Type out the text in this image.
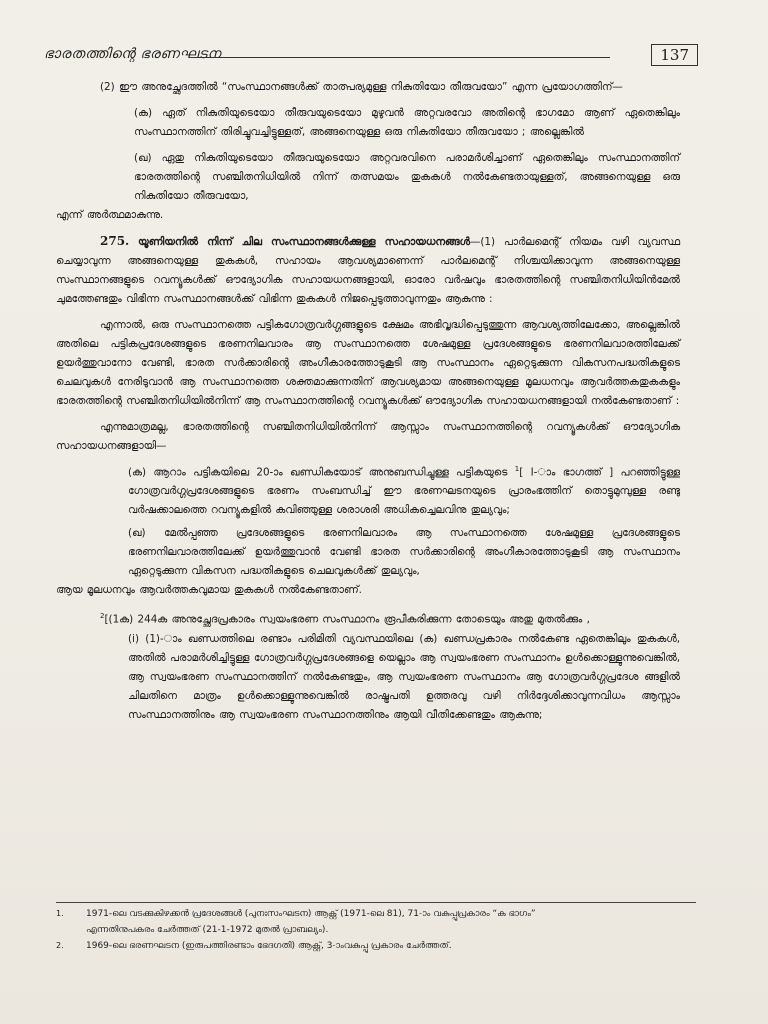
ഭാരതത്തിന്റെ ഭരണഘടന	137

(2) ഈ അനുച്ഛേദത്തിൽ “സംസ്ഥാനങ്ങൾക്ക് താത്പര്യമുള്ള നികുതിയോ തീരുവയോ” എന്ന പ്രയോഗത്തിന്—

(ക) ഏത് നികുതിയുടെയോ തീരുവയുടെയോ മുഴുവൻ അറ്റവരവോ അതിന്റെ ഭാഗമോ ആണ് ഏതെങ്കിലും സംസ്ഥാനത്തിന് തിരിച്ചുവച്ചിട്ടുള്ളത്, അങ്ങനെയുള്ള ഒരു നികുതിയോ തീരുവയോ ; അല്ലെങ്കിൽ

(ഖ) ഏതു നികുതിയുടെയോ തീരുവയുടെയോ അറ്റവരവിനെ പരാമർശിച്ചാണ് ഏതെങ്കിലും സംസ്ഥാനത്തിന് ഭാരതത്തിന്റെ സഞ്ചിതനിധിയിൽ നിന്ന് തത്സമയം തുകകൾ നൽകേണ്ടതായുള്ളത്, അങ്ങനെയുള്ള ഒരു നികുതിയോ തീരുവയോ,

എന്ന് അർത്ഥമാകുന്നു.

275. യൂണിയനിൽ നിന്ന് ചില സംസ്ഥാനങ്ങൾക്കുള്ള സഹായധനങ്ങൾ—(1) പാർലമെന്റ് നിയമം വഴി വ്യവസ്ഥ ചെയ്യാവുന്ന അങ്ങനെയുള്ള തുകകൾ, സഹായം ആവശ്യമാണെന്ന് പാർലമെന്റ് നിശ്ചയിക്കാവുന്ന അങ്ങനെയുള്ള സംസ്ഥാനങ്ങളുടെ റവന്യൂകൾക്ക് ഔദ്യോഗിക സഹായധനങ്ങളായി, ഓരോ വർഷവും ഭാരതത്തിന്റെ സഞ്ചിതനിധിയിൻമേൽ ചുമത്തേണ്ടതും വിഭിന്ന സംസ്ഥാനങ്ങൾക്ക് വിഭിന്ന തുകകൾ നിജപ്പെടുത്താവുന്നതും ആകുന്നു :

എന്നാൽ, ഒരു സംസ്ഥാനത്തെ പട്ടികഗോത്രവർഗ്ഗങ്ങളുടെ ക്ഷേമം അഭിവൃദ്ധിപ്പെടുത്തുന്ന ആവശ്യത്തിലേക്കോ, അല്ലെങ്കിൽ അതിലെ പട്ടികപ്രദേശങ്ങളുടെ ഭരണനിലവാരം ആ സംസ്ഥാനത്തെ ശേഷമുള്ള പ്രദേശങ്ങളുടെ ഭരണനിലവാരത്തിലേക്ക് ഉയർത്തുവാനോ വേണ്ടി, ഭാരത സർക്കാരിന്റെ അംഗീകാരത്തോടുകൂടി ആ സംസ്ഥാനം ഏറ്റെടുക്കുന്ന വികസനപദ്ധതികളുടെ ചെലവുകൾ നേരിടുവാൻ ആ സംസ്ഥാനത്തെ ശക്തമാക്കുന്നതിന് ആവശ്യമായ അങ്ങനെയുള്ള മൂലധനവും ആവർത്തകതുകകളും ഭാരതത്തിന്റെ സഞ്ചിതനിധിയിൽനിന്ന് ആ സംസ്ഥാനത്തിന്റെ റവന്യൂകൾക്ക് ഔദ്യോഗിക സഹായധനങ്ങളായി നൽകേണ്ടതാണ് :

എന്നുമാത്രമല്ല, ഭാരതത്തിന്റെ സഞ്ചിതനിധിയിൽനിന്ന് ആസ്സാം സംസ്ഥാനത്തിന്റെ റവന്യൂകൾക്ക് ഔദ്യോഗിക സഹായധനങ്ങളായി—

(ക) ആറാം പട്ടികയിലെ 20-ാം ഖണ്ഡികയോട് അനുബന്ധിച്ചുള്ള പട്ടികയുടെ $^1$[ I-ാം ഭാഗത്ത് ] പറഞ്ഞിട്ടുള്ള ഗോത്രവർഗ്ഗപ്രദേശങ്ങളുടെ ഭരണം സംബന്ധിച്ച് ഈ ഭരണഘടനയുടെ പ്രാരംഭത്തിന് തൊട്ടുമുമ്പുള്ള രണ്ടു വർഷക്കാലത്തെ റവന്യൂകളിൽ കവിഞ്ഞുള്ള ശരാശരി അധികച്ചെലവിനു തുല്യവും;

(ഖ) മേൽപ്പഞ്ഞ പ്രദേശങ്ങളുടെ ഭരണനിലവാരം ആ സംസ്ഥാനത്തെ ശേഷമുള്ള പ്രദേശങ്ങളുടെ ഭരണനിലവാരത്തിലേക്ക് ഉയർത്തുവാൻ വേണ്ടി ഭാരത സർക്കാരിന്റെ അംഗീകാരത്തോടുകൂടി ആ സംസ്ഥാനം ഏറ്റെടുക്കുന്ന വികസന പദ്ധതികളുടെ ചെലവുകൾക്ക് തുല്യവും,

ആയ മൂലധനവും ആവർത്തകവുമായ തുകകൾ നൽകേണ്ടതാണ്.

$^2$[(1ക) 244ക അനുച്ഛേദപ്രകാരം സ്വയംഭരണ സംസ്ഥാനം രൂപീകരിക്കുന്ന തോടെയും അതു മുതൽക്കും ,

(i) (1)-ാം ഖണ്ഡത്തിലെ രണ്ടാം പരിമിതി വ്യവസ്ഥയിലെ (ക) ഖണ്ഡപ്രകാരം നൽകേണ്ട ഏതെങ്കിലും തുകകൾ, അതിൽ പരാമർശിച്ചിട്ടുള്ള ഗോത്രവർഗ്ഗപ്രദേശങ്ങളെ യെല്ലാം ആ സ്വയംഭരണ സംസ്ഥാനം ഉൾക്കൊള്ളുന്നുവെങ്കിൽ, ആ സ്വയംഭരണ സംസ്ഥാനത്തിന് നൽകേണ്ടതും, ആ സ്വയംഭരണ സംസ്ഥാനം ആ ഗോത്രവർഗ്ഗപ്രദേശ ങ്ങളിൽ ചിലതിനെ മാത്രം ഉൾക്കൊള്ളുന്നുവെങ്കിൽ രാഷ്ട്രപതി ഉത്തരവു വഴി നിർദ്ദേശിക്കാവുന്നവിധം ആസ്സാം സംസ്ഥാനത്തിനും ആ സ്വയംഭരണ സംസ്ഥാനത്തിനും ആയി വീതിക്കേണ്ടതും ആകുന്നു;

1. 1971-ലെ വടക്കുകിഴക്കൻ പ്രദേശങ്ങൾ (പുനഃസംഘടന) ആക്റ്റ് (1971-ലെ 81), 71-ാം വകുപ്പുപ്രകാരം “ക ഭാഗം”

എന്നതിനുപകരം ചേർത്തത് (21-1-1972 മുതൽ പ്രാബല്യം).

2. 1969-ലെ ഭരണഘടന (ഇരുപത്തിരണ്ടാം ഭേദഗതി) ആക്റ്റ്, 3-ാംവകുപ്പു പ്രകാരം ചേർത്തത്.
